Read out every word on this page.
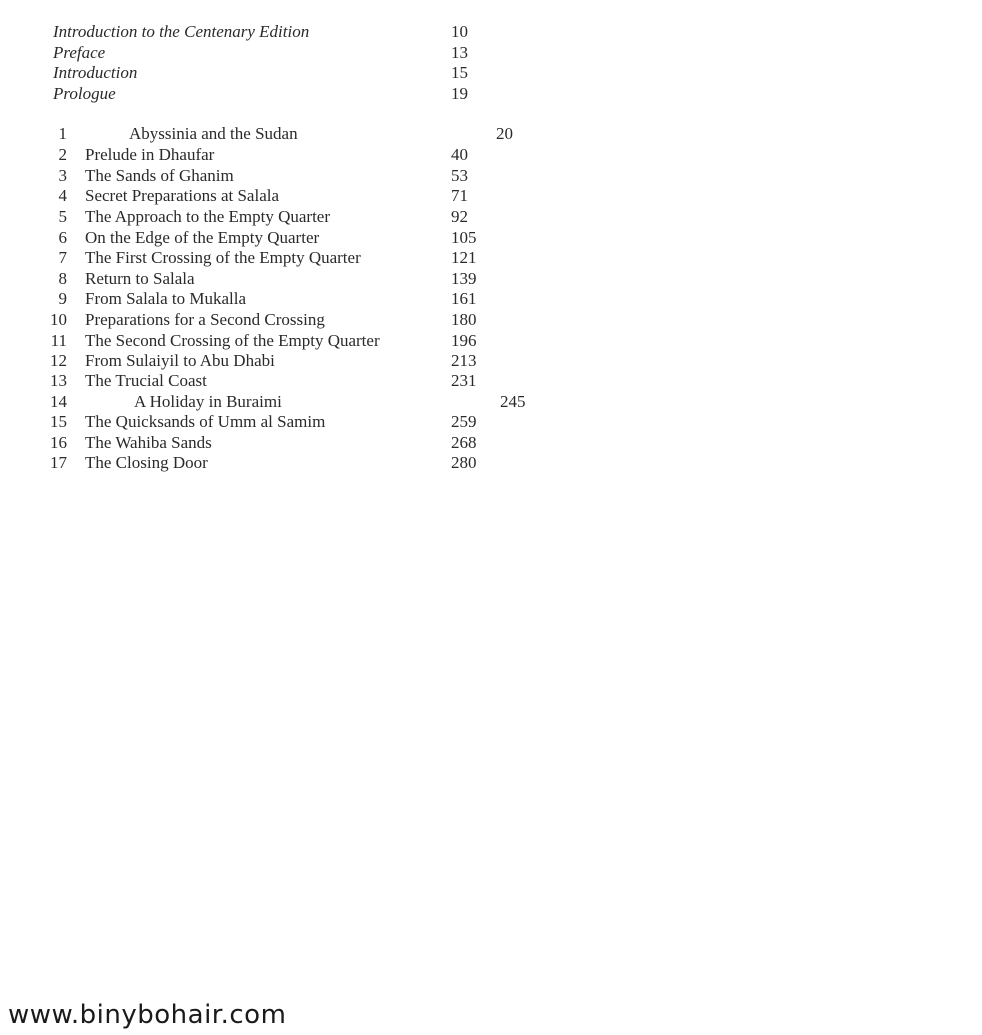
Introduction to the Centenary Edition	10
Preface	13
Introduction	15
Prologue	19
1	Abyssinia and the Sudan	20
2 Prelude in Dhaufar	40
3 The Sands of Ghanim	53
4 Secret Preparations at Salala	71
5 The Approach to the Empty Quarter	92
6 On the Edge of the Empty Quarter	105
7 The First Crossing of the Empty Quarter	121
8 Return to Salala	139
9 From Salala to Mukalla	161
10 Preparations for a Second Crossing	180
11 The Second Crossing of the Empty Quarter	196
12 From Sulaiyil to Abu Dhabi	213
13 The Trucial Coast	231
14	A Holiday in Buraimi	245
15 The Quicksands of Umm al Samim	259
16 The Wahiba Sands	268
17 The Closing Door	280
www.binybohair.com
